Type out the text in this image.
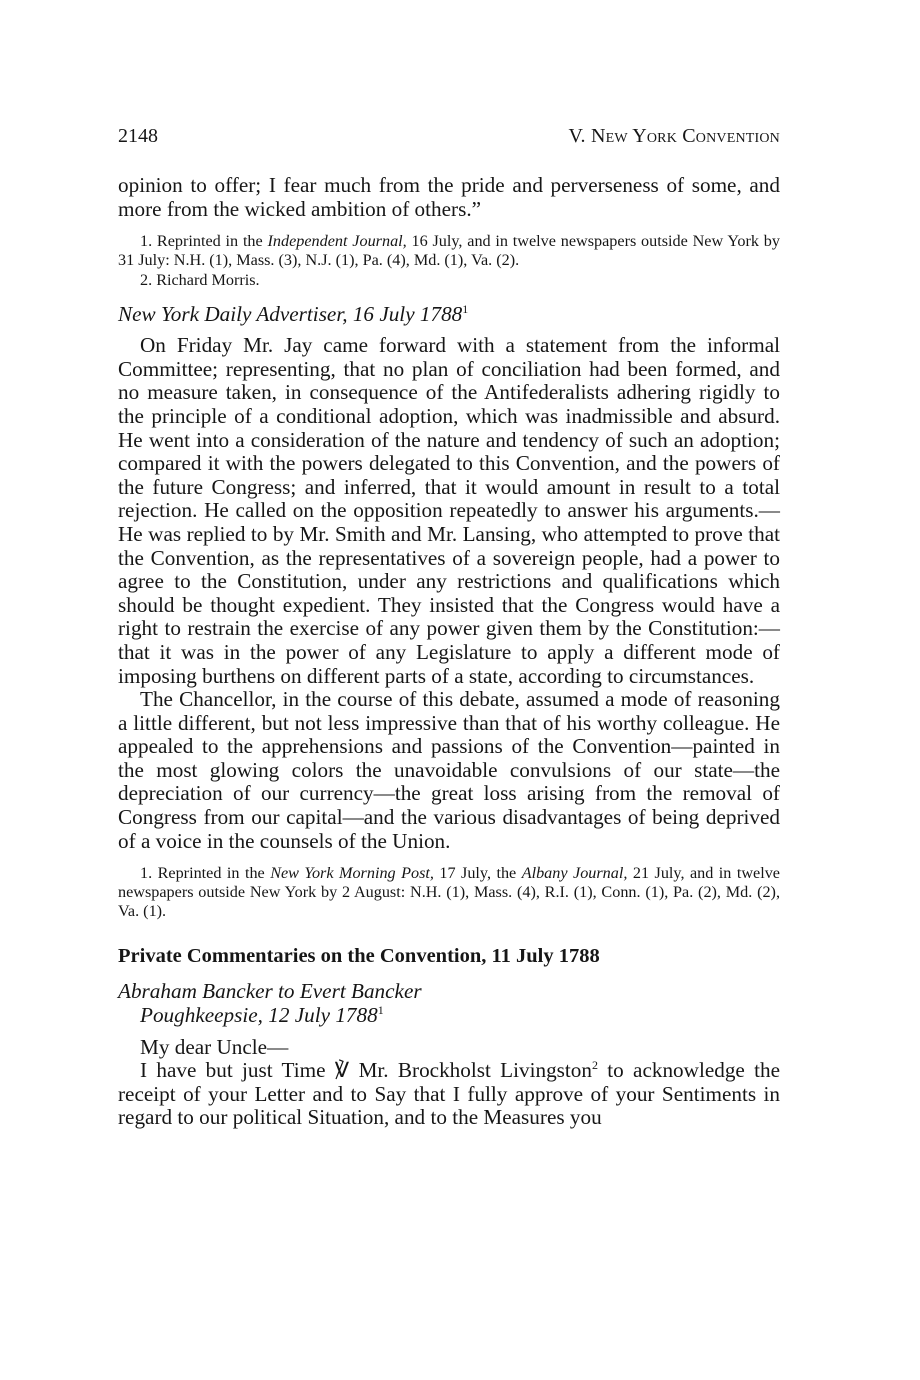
2148	V. New York Convention

opinion to offer; I fear much from the pride and perverseness of some, and more from the wicked ambition of others.”

1. Reprinted in the Independent Journal, 16 July, and in twelve newspapers outside New York by 31 July: N.H. (1), Mass. (3), N.J. (1), Pa. (4), Md. (1), Va. (2).

2. Richard Morris.

New York Daily Advertiser, 16 July 1788$^1$

On Friday Mr. Jay came forward with a statement from the informal Committee; representing, that no plan of conciliation had been formed, and no measure taken, in consequence of the Antifederalists adhering rigidly to the principle of a conditional adoption, which was inadmissible and absurd. He went into a consideration of the nature and tendency of such an adoption; compared it with the powers delegated to this Convention, and the powers of the future Congress; and inferred, that it would amount in result to a total rejection. He called on the opposition repeatedly to answer his arguments.—He was replied to by Mr. Smith and Mr. Lansing, who attempted to prove that the Convention, as the representatives of a sovereign people, had a power to agree to the Constitution, under any restrictions and qualifications which should be thought expedient. They insisted that the Congress would have a right to restrain the exercise of any power given them by the Constitution:—that it was in the power of any Legislature to apply a different mode of imposing burthens on different parts of a state, according to circumstances.

The Chancellor, in the course of this debate, assumed a mode of reasoning a little different, but not less impressive than that of his worthy colleague. He appealed to the apprehensions and passions of the Convention—painted in the most glowing colors the unavoidable convulsions of our state—the depreciation of our currency—the great loss arising from the removal of Congress from our capital—and the various disadvantages of being deprived of a voice in the counsels of the Union.

1. Reprinted in the New York Morning Post, 17 July, the Albany Journal, 21 July, and in twelve newspapers outside New York by 2 August: N.H. (1), Mass. (4), R.I. (1), Conn. (1), Pa. (2), Md. (2), Va. (1).

Private Commentaries on the Convention, 11 July 1788

Abraham Bancker to Evert Bancker

Poughkeepsie, 12 July 1788$^1$

My dear Uncle—

I have but just Time ℣ Mr. Brockholst Livingston$^2$ to acknowledge the receipt of your Letter and to Say that I fully approve of your Sentiments in regard to our political Situation, and to the Measures you
